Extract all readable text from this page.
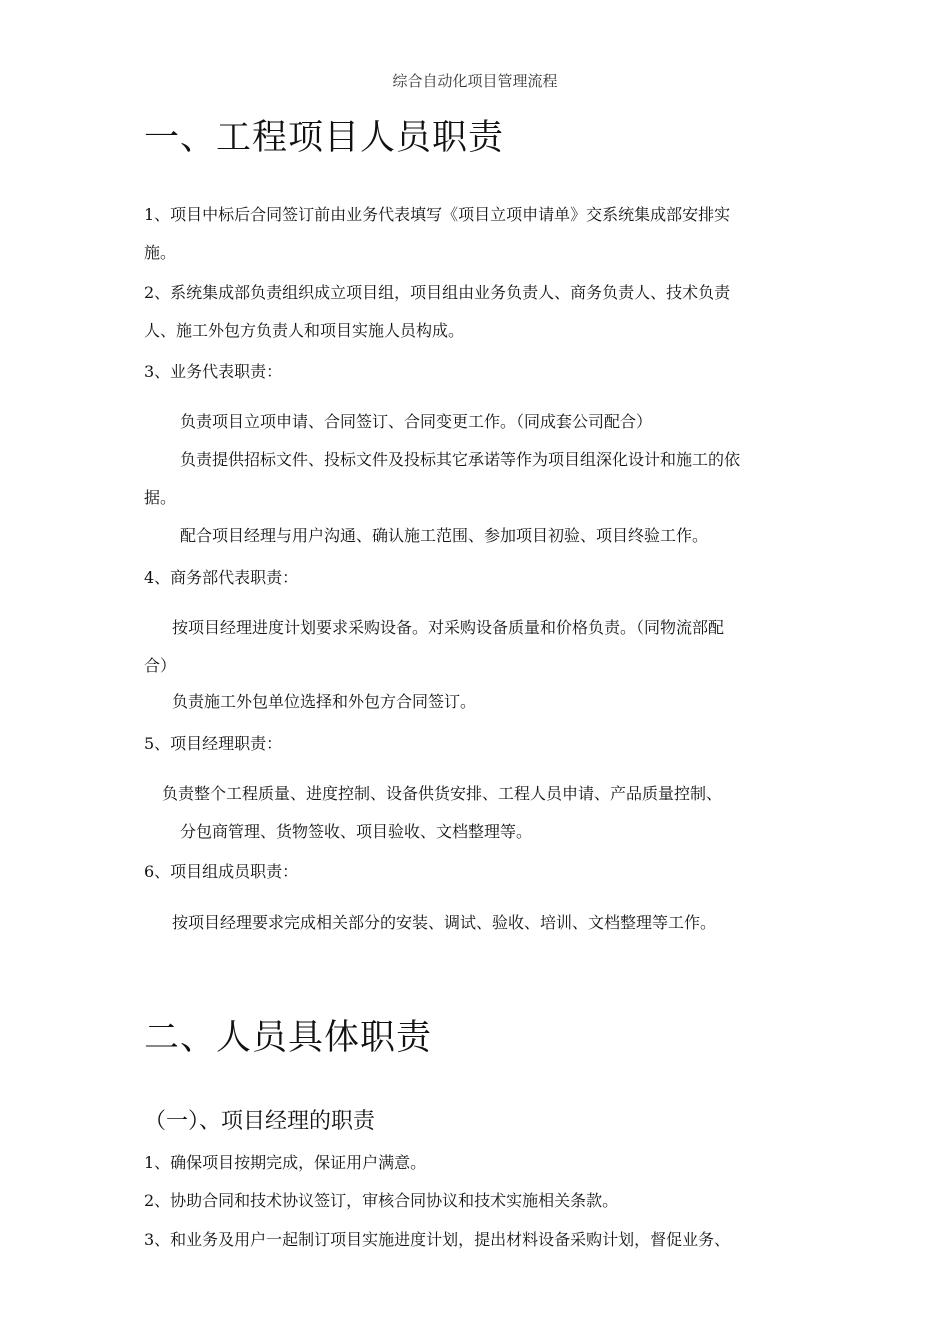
综合自动化项目管理流程
一、工程项目人员职责

1、项目中标后合同签订前由业务代表填写《项目立项申请单》交系统集成部安排实

施。

2、系统集成部负责组织成立项目组，项目组由业务负责人、商务负责人、技术负责

人、施工外包方负责人和项目实施人员构成。

3、业务代表职责：

负责项目立项申请、合同签订、合同变更工作。（同成套公司配合）

负责提供招标文件、投标文件及投标其它承诺等作为项目组深化设计和施工的依

据。

配合项目经理与用户沟通、确认施工范围、参加项目初验、项目终验工作。

4、商务部代表职责：

按项目经理进度计划要求采购设备。对采购设备质量和价格负责。（同物流部配

合）

负责施工外包单位选择和外包方合同签订。

5、项目经理职责：

负责整个工程质量、进度控制、设备供货安排、工程人员申请、产品质量控制、

分包商管理、货物签收、项目验收、文档整理等。

6、项目组成员职责：

按项目经理要求完成相关部分的安装、调试、验收、培训、文档整理等工作。

二、人员具体职责
（一）、项目经理的职责

1、确保项目按期完成，保证用户满意。

2、协助合同和技术协议签订，审核合同协议和技术实施相关条款。

3、和业务及用户一起制订项目实施进度计划，提出材料设备采购计划，督促业务、
